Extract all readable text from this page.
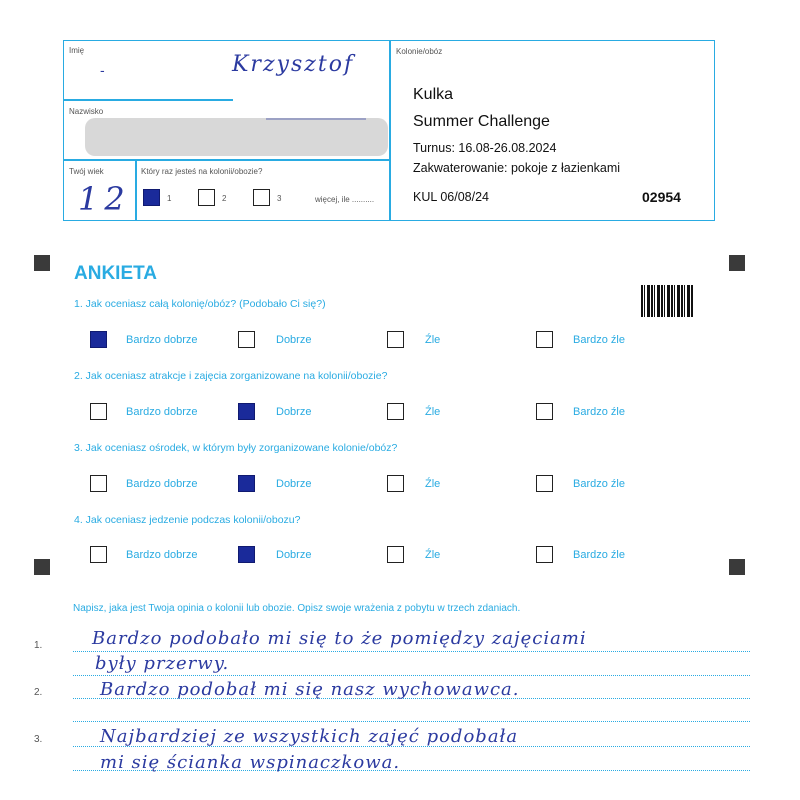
Imię
-	Krzysztof
Nazwisko
Twój wiek
12
Który raz jesteś na kolonii/obozie?
1	2	3	więcej, ile ..........
Kolonie/obóz
Kulka
Summer Challenge
Turnus: 16.08-26.08.2024
Zakwaterowanie: pokoje z łazienkami
KUL 06/08/24	02954
ANKIETA
1. Jak oceniasz całą kolonię/obóz? (Podobało Ci się?)
Bardzo dobrze	Dobrze	Źle	Bardzo źle
2. Jak oceniasz atrakcje i zajęcia zorganizowane na kolonii/obozie?
Bardzo dobrze	Dobrze	Źle	Bardzo źle
3. Jak oceniasz ośrodek, w którym były zorganizowane kolonie/obóz?
Bardzo dobrze	Dobrze	Źle	Bardzo źle
4. Jak oceniasz jedzenie podczas kolonii/obozu?
Bardzo dobrze	Dobrze	Źle	Bardzo źle
Napisz, jaka jest Twoja opinia o kolonii lub obozie. Opisz swoje wrażenia z pobytu w trzech zdaniach.
1.
2.
3.
Bardzo podobało mi się to że pomiędzy zajęciami
były przerwy.
Bardzo podobał mi się nasz wychowawca.
Najbardziej ze wszystkich zajęć podobała
mi się ścianka wspinaczkowa.
